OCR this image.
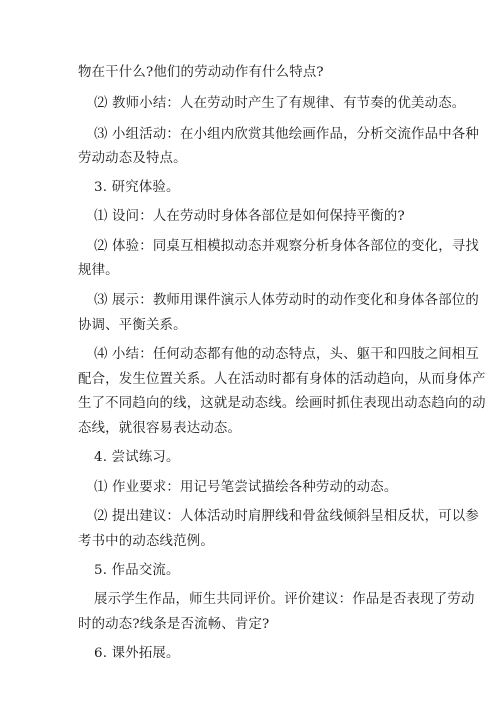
物在干什么?他们的劳动动作有什么特点?
⑵ 教师小结：人在劳动时产生了有规律、有节奏的优美动态。
⑶ 小组活动：在小组内欣赏其他绘画作品，分析交流作品中各种
劳动动态及特点。
3. 研究体验。
⑴ 设问：人在劳动时身体各部位是如何保持平衡的?
⑵ 体验：同桌互相模拟动态并观察分析身体各部位的变化，寻找
规律。
⑶ 展示：教师用课件演示人体劳动时的动作变化和身体各部位的
协调、平衡关系。
⑷ 小结：任何动态都有他的动态特点，头、躯干和四肢之间相互
配合，发生位置关系。人在活动时都有身体的活动趋向，从而身体产
生了不同趋向的线，这就是动态线。绘画时抓住表现出动态趋向的动
态线，就很容易表达动态。
4. 尝试练习。
⑴ 作业要求：用记号笔尝试描绘各种劳动的动态。
⑵ 提出建议：人体活动时肩胛线和骨盆线倾斜呈相反状，可以参
考书中的动态线范例。
5. 作品交流。
展示学生作品，师生共同评价。评价建议：作品是否表现了劳动
时的动态?线条是否流畅、肯定?
6. 课外拓展。
